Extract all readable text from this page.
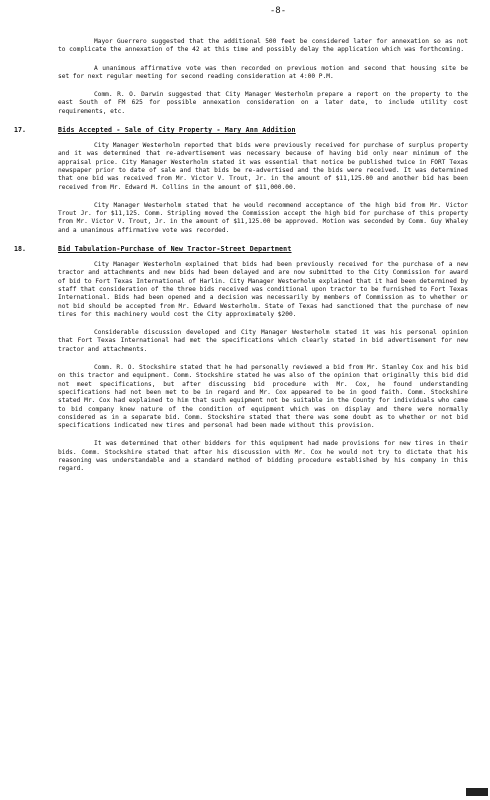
-8-

Mayor Guerrero suggested that the additional 500 feet be considered later for annexation so as not to complicate the annexation of the 42 at this time and possibly delay the application which was forthcoming.

A unanimous affirmative vote was then recorded on previous motion and second that housing site be set for next regular meeting for second reading consideration at 4:00 P.M.

Comm. R. O. Darwin suggested that City Manager Westerholm prepare a report on the property to the east South of FM 625 for possible annexation consideration on a later date, to include utility cost requirements, etc.

17.	Bids Accepted - Sale of City Property - Mary Ann Addition

City Manager Westerholm reported that bids were previously received for purchase of surplus property and it was determined that re-advertisement was necessary because of having bid only near minimum of the appraisal price. City Manager Westerholm stated it was essential that notice be published twice in FORT Texas newspaper prior to date of sale and that bids be re-advertised and the bids were received. It was determined that one bid was received from Mr. Victor V. Trout, Jr. in the amount of $11,125.00 and another bid has been received from Mr. Edward M. Collins in the amount of $11,000.00.

City Manager Westerholm stated that he would recommend acceptance of the high bid from Mr. Victor Trout Jr. for $11,125. Comm. Stripling moved the Commission accept the high bid for purchase of this property from Mr. Victor V. Trout, Jr. in the amount of $11,125.00 be approved. Motion was seconded by Comm. Guy Whaley and a unanimous affirmative vote was recorded.

18.	Bid Tabulation-Purchase of New Tractor-Street Department

City Manager Westerholm explained that bids had been previously received for the purchase of a new tractor and attachments and new bids had been delayed and are now submitted to the City Commission for award of bid to Fort Texas International of Harlin. City Manager Westerholm explained that it had been determined by staff that consideration of the three bids received was conditional upon tractor to be furnished to Fort Texas International. Bids had been opened and a decision was necessarily by members of Commission as to whether or not bid should be accepted from Mr. Edward Westerholm. State of Texas had sanctioned that the purchase of new tires for this machinery would cost the City approximately $200.

Considerable discussion developed and City Manager Westerholm stated it was his personal opinion that Fort Texas International had met the specifications which clearly stated in bid advertisement for new tractor and attachments.

Comm. R. O. Stockshire stated that he had personally reviewed a bid from Mr. Stanley Cox and his bid on this tractor and equipment. Comm. Stockshire stated he was also of the opinion that originally this bid did not meet specifications, but after discussing bid procedure with Mr. Cox, he found understanding specifications had not been met to be in regard and Mr. Cox appeared to be in good faith. Comm. Stockshire stated Mr. Cox had explained to him that such equipment not be suitable in the County for individuals who came to bid company knew nature of the condition of equipment which was on display and there were normally considered as in a separate bid. Comm. Stockshire stated that there was some doubt as to whether or not bid specifications indicated new tires and personal had been made without this provision.

It was determined that other bidders for this equipment had made provisions for new tires in their bids. Comm. Stockshire stated that after his discussion with Mr. Cox he would not try to dictate that his reasoning was understandable and a standard method of bidding procedure established by his company in this regard.
